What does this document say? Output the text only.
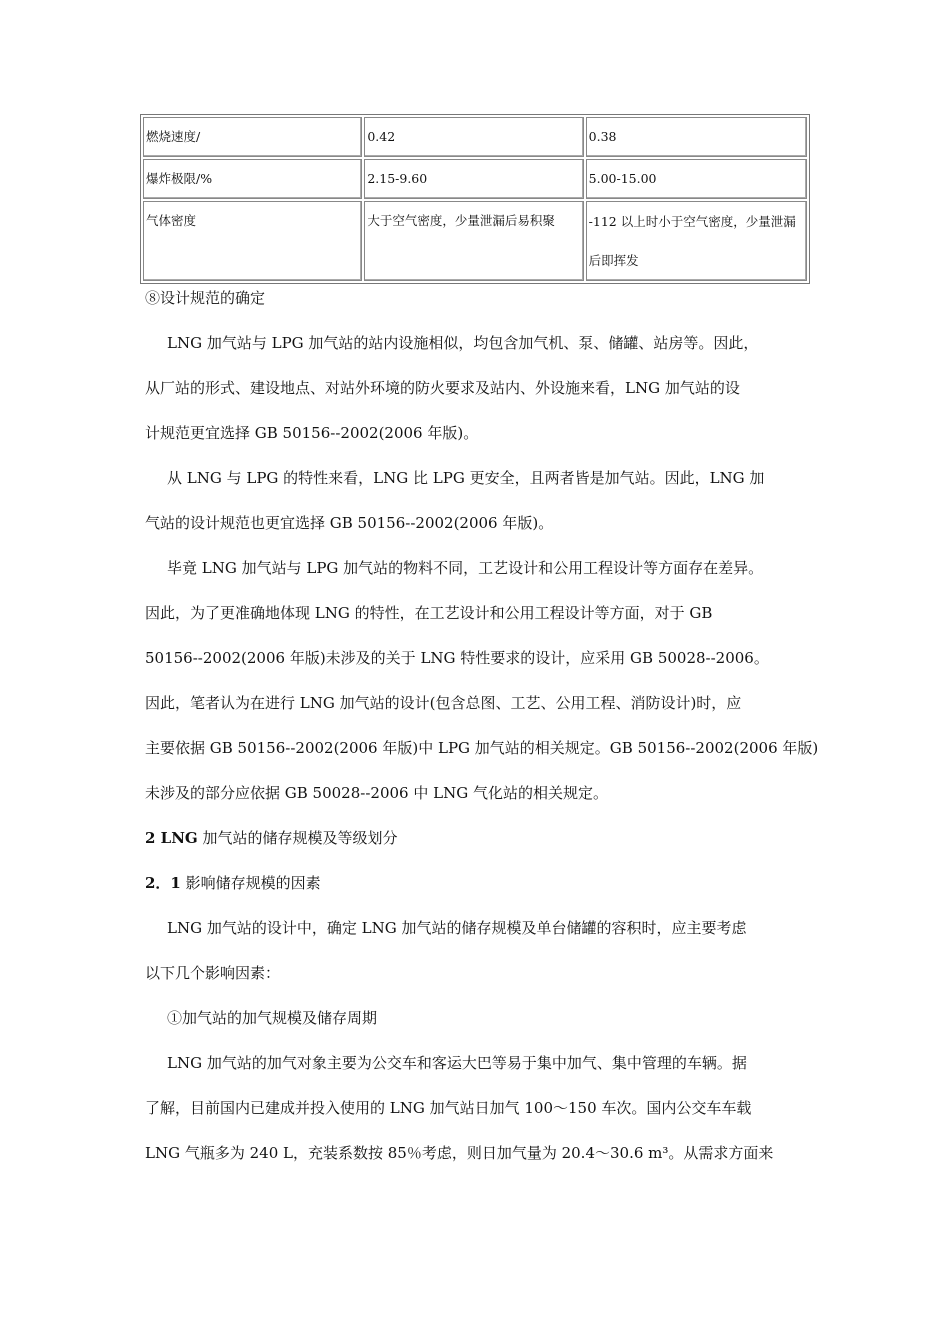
燃烧速度/	0.42	0.38
爆炸极限/%	2.15-9.60	5.00-15.00
气体密度	大于空气密度，少量泄漏后易积聚	-112 以上时小于空气密度，少量泄漏后即挥发

⑧设计规范的确定

LNG 加气站与 LPG 加气站的站内设施相似，均包含加气机、泵、储罐、站房等。因此，
从厂站的形式、建设地点、对站外环境的防火要求及站内、外设施来看，LNG 加气站的设
计规范更宜选择 GB 50156--2002(2006 年版)。

从 LNG 与 LPG 的特性来看，LNG 比 LPG 更安全，且两者皆是加气站。因此，LNG 加
气站的设计规范也更宜选择 GB 50156--2002(2006 年版)。

毕竟 LNG 加气站与 LPG 加气站的物料不同，工艺设计和公用工程设计等方面存在差异。
因此，为了更准确地体现 LNG 的特性，在工艺设计和公用工程设计等方面，对于 GB
50156--2002(2006 年版)未涉及的关于 LNG 特性要求的设计，应采用 GB 50028--2006。
因此，笔者认为在进行 LNG 加气站的设计(包含总图、工艺、公用工程、消防设计)时，应
主要依据 GB 50156--2002(2006 年版)中 LPG 加气站的相关规定。GB 50156--2002(2006 年版)
未涉及的部分应依据 GB 50028--2006 中 LNG 气化站的相关规定。

2 LNG 加气站的储存规模及等级划分

2．1 影响储存规模的因素

LNG 加气站的设计中，确定 LNG 加气站的储存规模及单台储罐的容积时，应主要考虑
以下几个影响因素：

①加气站的加气规模及储存周期

LNG 加气站的加气对象主要为公交车和客运大巴等易于集中加气、集中管理的车辆。据
了解，目前国内已建成并投入使用的 LNG 加气站日加气 100～150 车次。国内公交车车载
LNG 气瓶多为 240 L，充装系数按 85％考虑，则日加气量为 20.4～30.6 m³。从需求方面来
